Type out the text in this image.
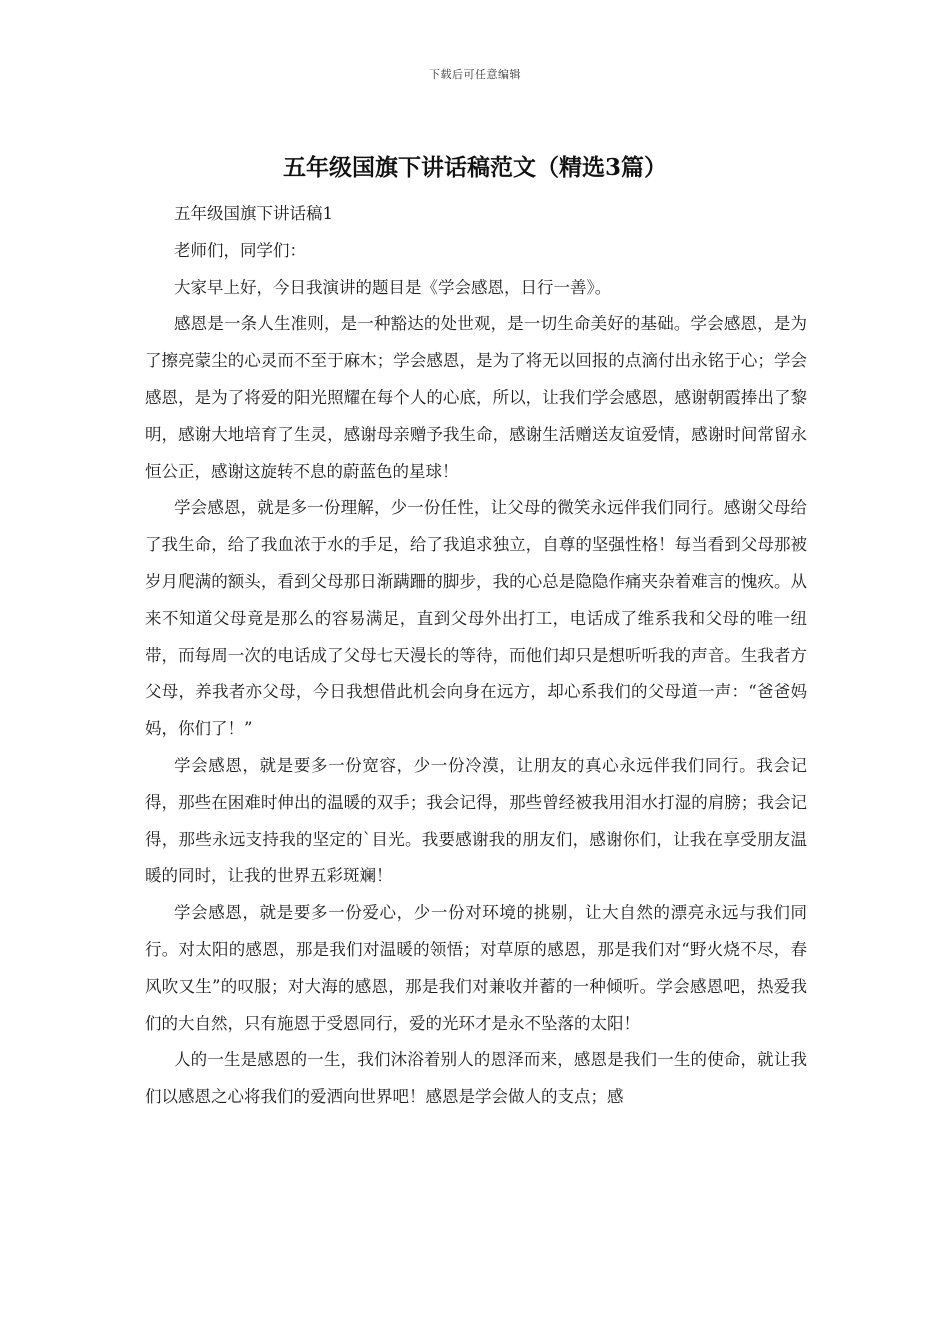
下载后可任意编辑
五年级国旗下讲话稿范文（精选3篇）

五年级国旗下讲话稿1

老师们，同学们：

大家早上好，今日我演讲的题目是《学会感恩，日行一善》。

感恩是一条人生准则，是一种豁达的处世观，是一切生命美好的基础。学会感恩，是为了擦亮蒙尘的心灵而不至于麻木；学会感恩，是为了将无以回报的点滴付出永铭于心；学会感恩，是为了将爱的阳光照耀在每个人的心底，所以，让我们学会感恩，感谢朝霞捧出了黎明，感谢大地培育了生灵，感谢母亲赠予我生命，感谢生活赠送友谊爱情，感谢时间常留永恒公正，感谢这旋转不息的蔚蓝色的星球！

学会感恩，就是多一份理解，少一份任性，让父母的微笑永远伴我们同行。感谢父母给了我生命，给了我血浓于水的手足，给了我追求独立，自尊的坚强性格！每当看到父母那被岁月爬满的额头，看到父母那日渐蹒跚的脚步，我的心总是隐隐作痛夹杂着难言的愧疚。从来不知道父母竟是那么的容易满足，直到父母外出打工，电话成了维系我和父母的唯一纽带，而每周一次的电话成了父母七天漫长的等待，而他们却只是想听听我的声音。生我者方父母，养我者亦父母，今日我想借此机会向身在远方，却心系我们的父母道一声：“爸爸妈妈，你们了！”

学会感恩，就是要多一份宽容，少一份冷漠，让朋友的真心永远伴我们同行。我会记得，那些在困难时伸出的温暖的双手；我会记得，那些曾经被我用泪水打湿的肩膀；我会记得，那些永远支持我的坚定的`目光。我要感谢我的朋友们，感谢你们，让我在享受朋友温暖的同时，让我的世界五彩斑斓！

学会感恩，就是要多一份爱心，少一份对环境的挑剔，让大自然的漂亮永远与我们同行。对太阳的感恩，那是我们对温暖的领悟；对草原的感恩，那是我们对“野火烧不尽，春风吹又生”的叹服；对大海的感恩，那是我们对兼收并蓄的一种倾听。学会感恩吧，热爱我们的大自然，只有施恩于受恩同行，爱的光环才是永不坠落的太阳！

人的一生是感恩的一生，我们沐浴着别人的恩泽而来，感恩是我们一生的使命，就让我们以感恩之心将我们的爱洒向世界吧！感恩是学会做人的支点；感
